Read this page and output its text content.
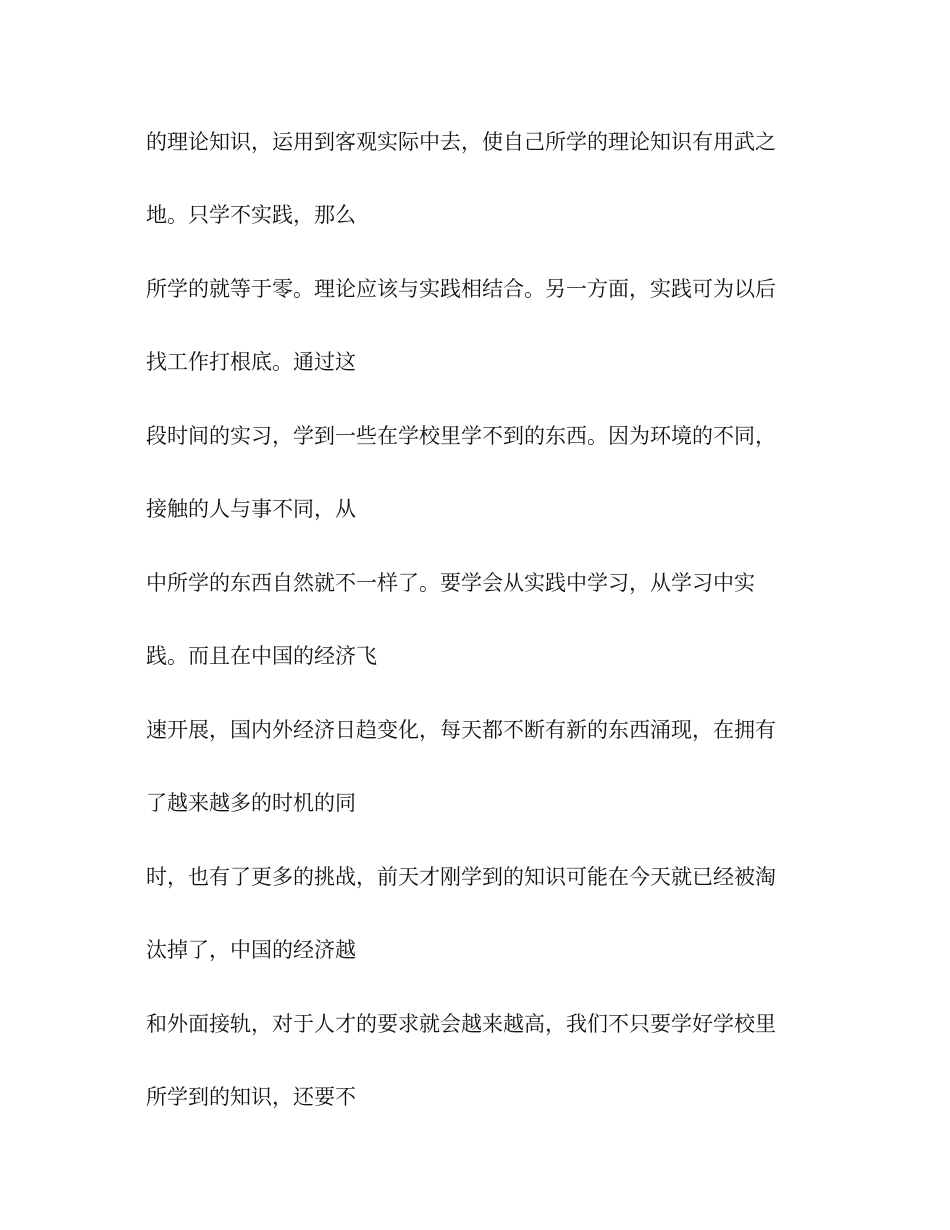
的理论知识，运用到客观实际中去，使自己所学的理论知识有用武之

地。只学不实践，那么

所学的就等于零。理论应该与实践相结合。另一方面，实践可为以后

找工作打根底。通过这

段时间的实习，学到一些在学校里学不到的东西。因为环境的不同，

接触的人与事不同，从

中所学的东西自然就不一样了。要学会从实践中学习，从学习中实

践。而且在中国的经济飞

速开展，国内外经济日趋变化，每天都不断有新的东西涌现，在拥有

了越来越多的时机的同

时，也有了更多的挑战，前天才刚学到的知识可能在今天就已经被淘

汰掉了，中国的经济越

和外面接轨，对于人才的要求就会越来越高，我们不只要学好学校里

所学到的知识，还要不
